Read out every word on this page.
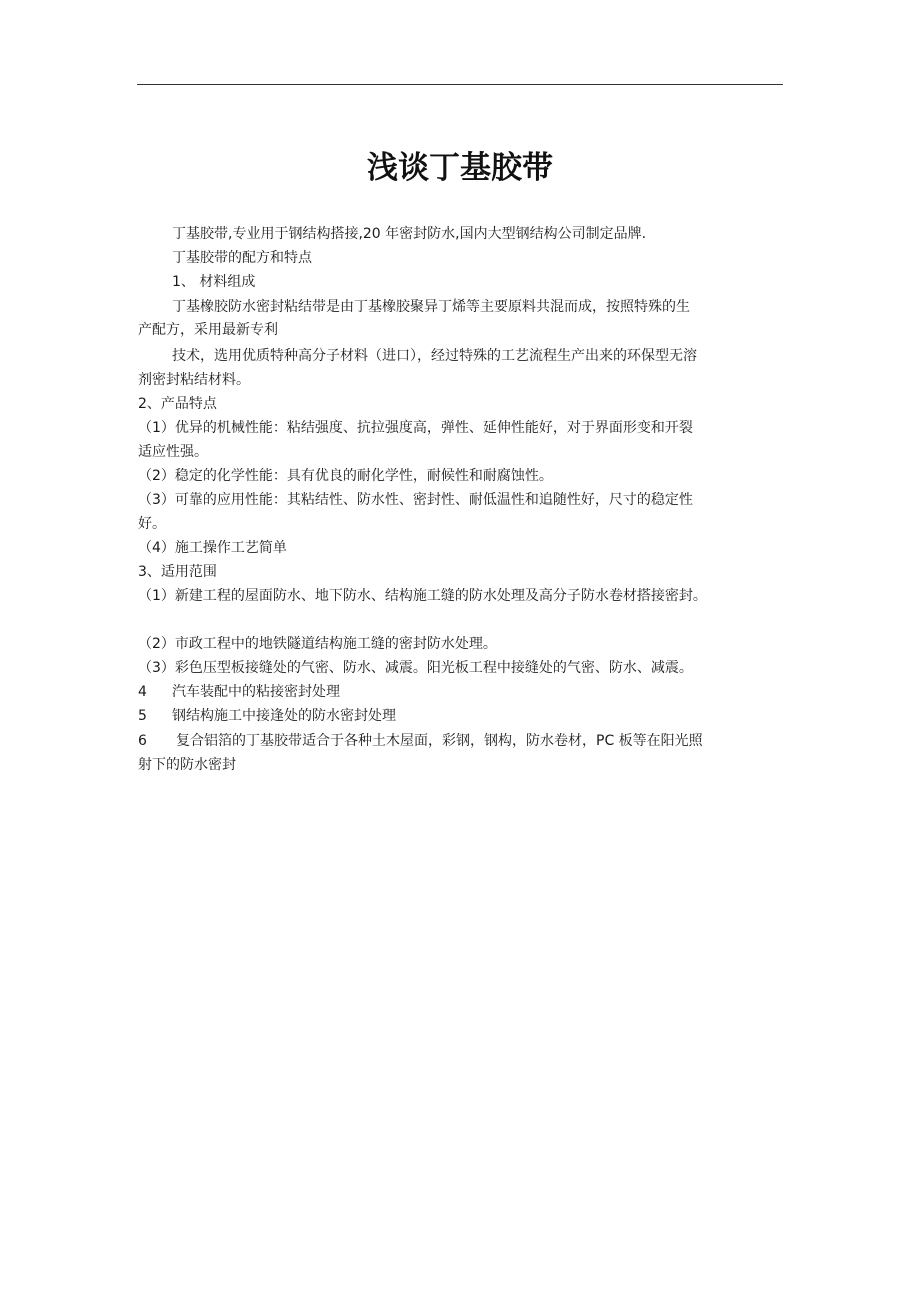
浅谈丁基胶带
丁基胶带,专业用于钢结构搭接,20 年密封防水,国内大型钢结构公司制定品牌.
丁基胶带的配方和特点
1、 材料组成
丁基橡胶防水密封粘结带是由丁基橡胶聚异丁烯等主要原料共混而成，按照特殊的生
产配方，采用最新专利
技术，选用优质特种高分子材料（进口），经过特殊的工艺流程生产出来的环保型无溶
剂密封粘结材料。
2、产品特点
（1）优异的机械性能：粘结强度、抗拉强度高，弹性、延伸性能好，对于界面形变和开裂
适应性强。
（2）稳定的化学性能：具有优良的耐化学性，耐候性和耐腐蚀性。
（3）可靠的应用性能：其粘结性、防水性、密封性、耐低温性和追随性好，尺寸的稳定性
好。
（4）施工操作工艺简单
3、适用范围
（1）新建工程的屋面防水、地下防水、结构施工缝的防水处理及高分子防水卷材搭接密封。
（2）市政工程中的地铁隧道结构施工缝的密封防水处理。
（3）彩色压型板接缝处的气密、防水、减震。阳光板工程中接缝处的气密、防水、减震。
4 汽车装配中的粘接密封处理
5 钢结构施工中接逢处的防水密封处理
6 复合铝箔的丁基胶带适合于各种土木屋面，彩钢，钢构，防水卷材，PC 板等在阳光照
射下的防水密封
